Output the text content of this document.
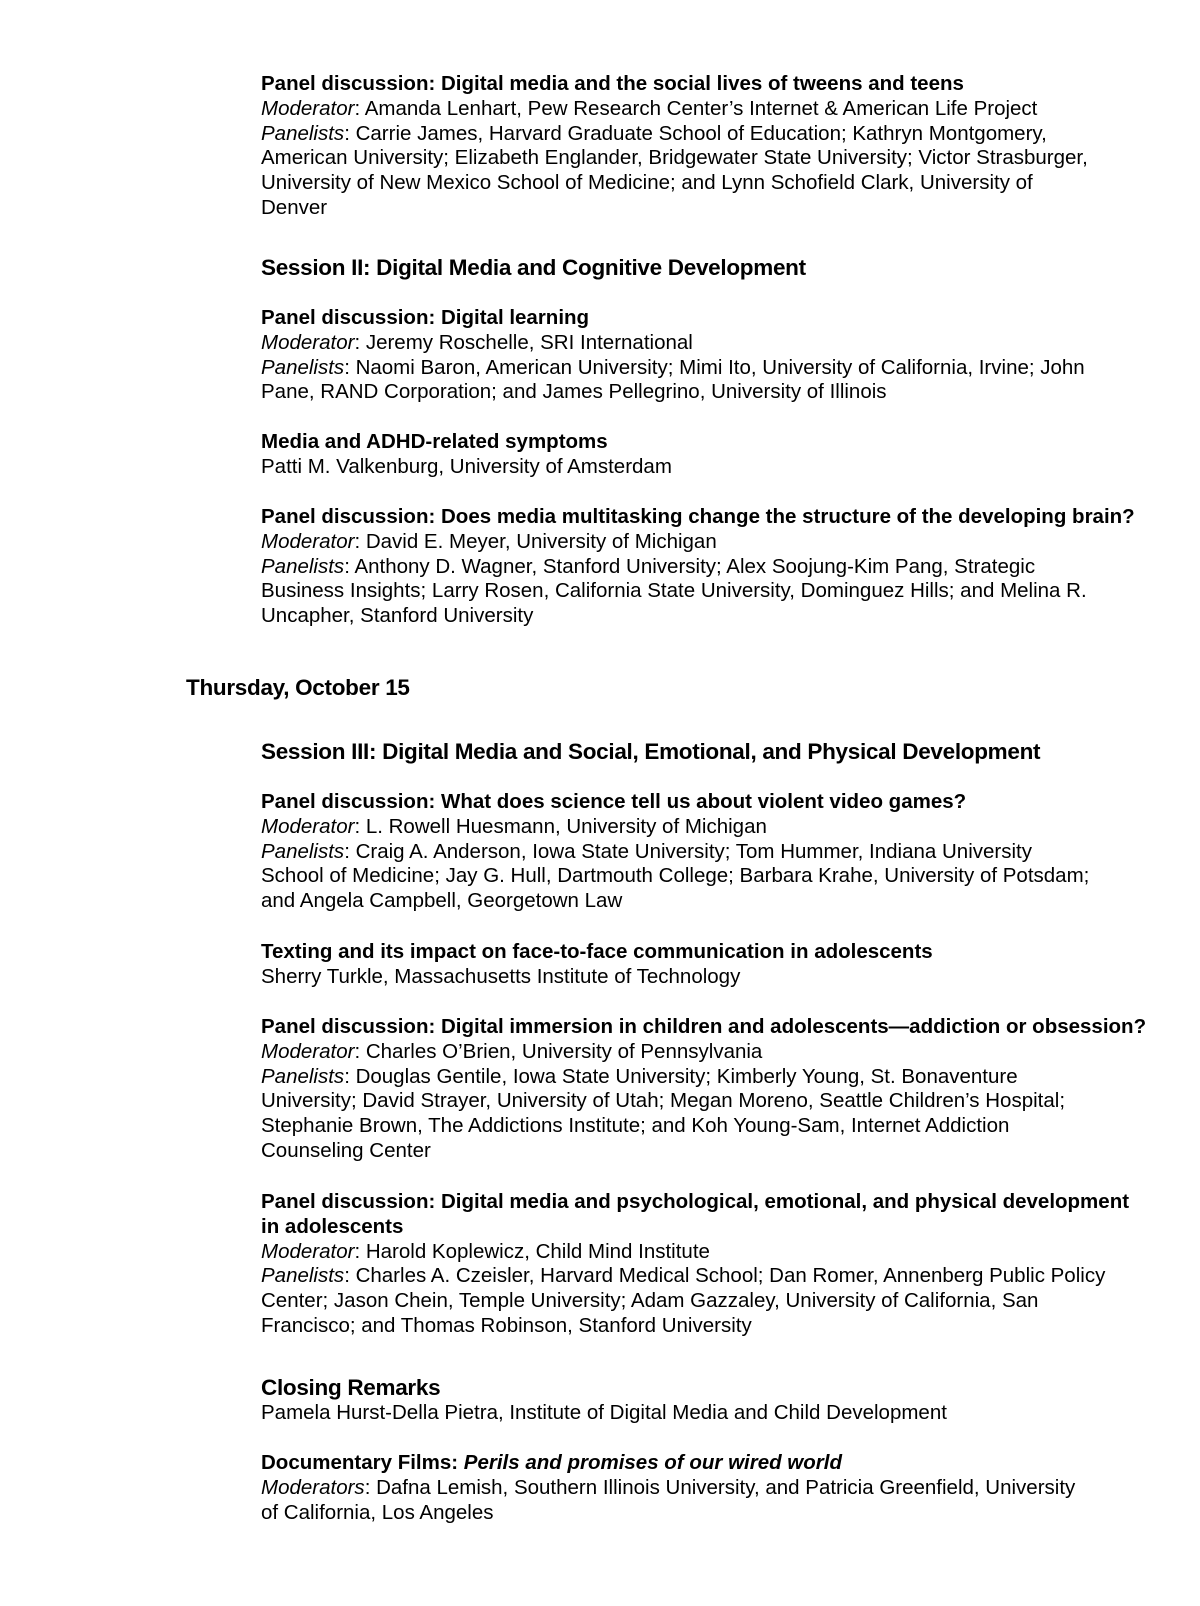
Panel discussion: Digital media and the social lives of tweens and teens
Moderator: Amanda Lenhart, Pew Research Center’s Internet & American Life Project
Panelists: Carrie James, Harvard Graduate School of Education; Kathryn Montgomery,
American University; Elizabeth Englander, Bridgewater State University; Victor Strasburger,
University of New Mexico School of Medicine; and Lynn Schofield Clark, University of
Denver
Session II: Digital Media and Cognitive Development
Panel discussion: Digital learning
Moderator: Jeremy Roschelle, SRI International
Panelists: Naomi Baron, American University; Mimi Ito, University of California, Irvine; John
Pane, RAND Corporation; and James Pellegrino, University of Illinois
Media and ADHD-related symptoms
Patti M. Valkenburg, University of Amsterdam
Panel discussion: Does media multitasking change the structure of the developing brain?
Moderator: David E. Meyer, University of Michigan
Panelists: Anthony D. Wagner, Stanford University; Alex Soojung-Kim Pang, Strategic
Business Insights; Larry Rosen, California State University, Dominguez Hills; and Melina R.
Uncapher, Stanford University
Thursday, October 15
Session III: Digital Media and Social, Emotional, and Physical Development
Panel discussion: What does science tell us about violent video games?
Moderator: L. Rowell Huesmann, University of Michigan
Panelists: Craig A. Anderson, Iowa State University; Tom Hummer, Indiana University
School of Medicine; Jay G. Hull, Dartmouth College; Barbara Krahe, University of Potsdam;
and Angela Campbell, Georgetown Law
Texting and its impact on face-to-face communication in adolescents
Sherry Turkle, Massachusetts Institute of Technology
Panel discussion: Digital immersion in children and adolescents—addiction or obsession?
Moderator: Charles O’Brien, University of Pennsylvania
Panelists: Douglas Gentile, Iowa State University; Kimberly Young, St. Bonaventure
University; David Strayer, University of Utah; Megan Moreno, Seattle Children’s Hospital;
Stephanie Brown, The Addictions Institute; and Koh Young-Sam, Internet Addiction
Counseling Center
Panel discussion: Digital media and psychological, emotional, and physical development
in adolescents
Moderator: Harold Koplewicz, Child Mind Institute
Panelists: Charles A. Czeisler, Harvard Medical School; Dan Romer, Annenberg Public Policy
Center; Jason Chein, Temple University; Adam Gazzaley, University of California, San
Francisco; and Thomas Robinson, Stanford University
Closing Remarks
Pamela Hurst-Della Pietra, Institute of Digital Media and Child Development
Documentary Films: Perils and promises of our wired world
Moderators: Dafna Lemish, Southern Illinois University, and Patricia Greenfield, University
of California, Los Angeles
